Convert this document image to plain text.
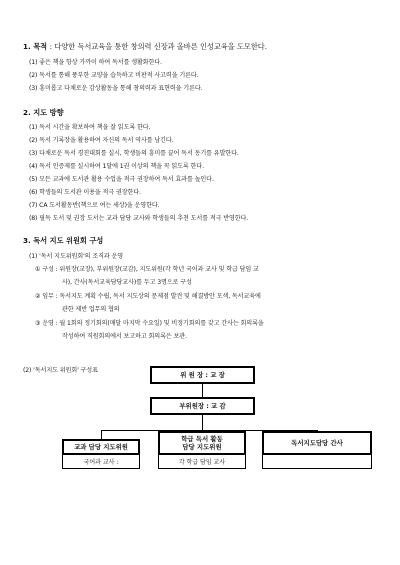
1. 목적 : 다양한 독서교육을 통한 창의력 신장과 올바른 인성교육을 도모한다.
(1) 좋은 책을 항상 가까이 하여 독서를 생활화한다.
(2) 독서를 통해 풍부한 교양을 습득하고 비판적 사고력을 기른다.
(3) 흥미롭고 다채로운 감상활동을 통해 창의력과 표현력을 기른다.
2. 지도 방향
(1) 독서 시간을 확보하여 책을 잘 읽도록 한다.
(2) 독서 기록장을 활용하여 자신의 독서 역사를 남긴다.
(3) 다채로운 독서 경진대회를 실시, 학생들의 흥미를 끌어 독서 동기를 유발한다.
(4) 독서 인증제를 실시하여 1달에 1권 이상의 책을 꼭 읽도록 한다.
(5) 모든 교과에 도서관 활용 수업을 적극 권장하여 독서 효과를 높인다.
(6) 학생들의 도서관 이용을 적극 권장한다.
(7) CA 도서활동반(책으로 여는 세상)을 운영한다.
(8) 필독 도서 및 권장 도서는 교과 담당 교사와 학생들의 추천 도서를 적극 반영한다.
3. 독서 지도 위원회 구성
(1) '독서 지도위원회'의 조직과 운영
① 구성 : 위원장(교장), 부위원장(교감), 지도위원(각 학년 국어과 교사 및 학급 담임 교
사), 간사(독서교육담당교사)를 두고 3명으로 구성
② 임무 : 독서지도 계획 수립, 독서 지도상의 문제점 발견 및 해결방안 모색, 독서교육에
관한 제반 업무의 협의
③ 운영 : 월 1회의 정기회의(매달 마지막 수요일) 및 비정기회의를 갖고 간사는 회의록을
작성하여 직원회의에서 보고하고 회의록은 보관.
(2) '독서지도 위원회' 구성표
위 원 장 : 교 장
부위원장 : 교 감
교과 담당 지도위원
국어과 교사 :
학급 독서 활동
담당 지도위원
각 학급 담임 교사
독서지도담당 간사
